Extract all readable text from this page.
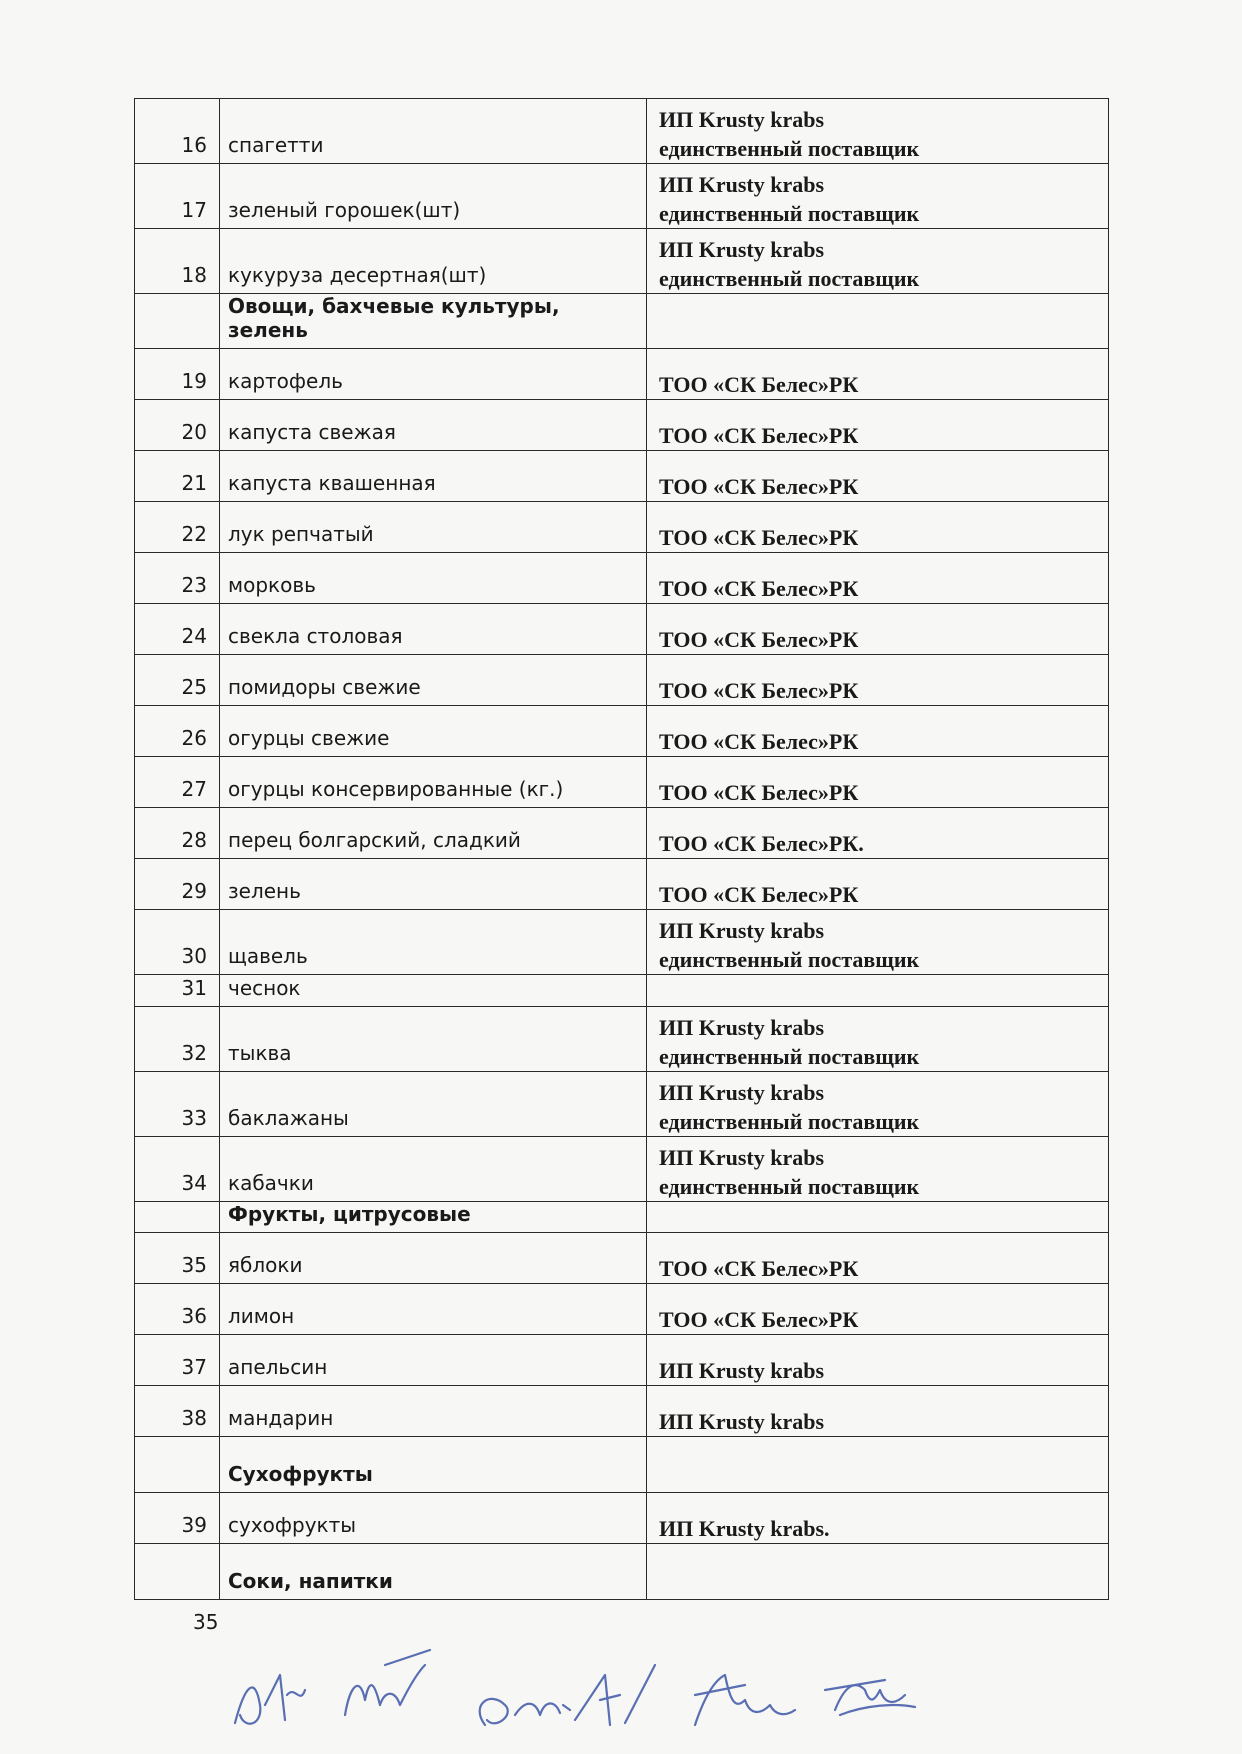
16	спагетти	ИП Krusty krabs
единственный поставщик

17	зеленый горошек(шт)	ИП Krusty krabs
единственный поставщик

18	кукуруза десертная(шт)	ИП Krusty krabs
единственный поставщик

	Овощи, бахчевые культуры, зелень	
19	картофель	ТОО «СК Белес»РК
20	капуста свежая	ТОО «СК Белес»РК
21	капуста квашенная	ТОО «СК Белес»РК
22	лук репчатый	ТОО «СК Белес»РК
23	морковь	ТОО «СК Белес»РК
24	свекла столовая	ТОО «СК Белес»РК
25	помидоры свежие	ТОО «СК Белес»РК
26	огурцы свежие	ТОО «СК Белес»РК
27	огурцы консервированные (кг.)	ТОО «СК Белес»РК
28	перец болгарский, сладкий	ТОО «СК Белес»РК.
29	зелень	ТОО «СК Белес»РК
30	щавель	ИП Krusty krabs
единственный поставщик

31	чеснок	
32	тыква	ИП Krusty krabs
единственный поставщик

33	баклажаны	ИП Krusty krabs
единственный поставщик

34	кабачки	ИП Krusty krabs
единственный поставщик

	Фрукты, цитрусовые	
35	яблоки	ТОО «СК Белес»РК
36	лимон	ТОО «СК Белес»РК
37	апельсин	ИП Krusty krabs
38	мандарин	ИП Krusty krabs
	Сухофрукты	
39	сухофрукты	ИП Krusty krabs.
	Соки, напитки	
35
